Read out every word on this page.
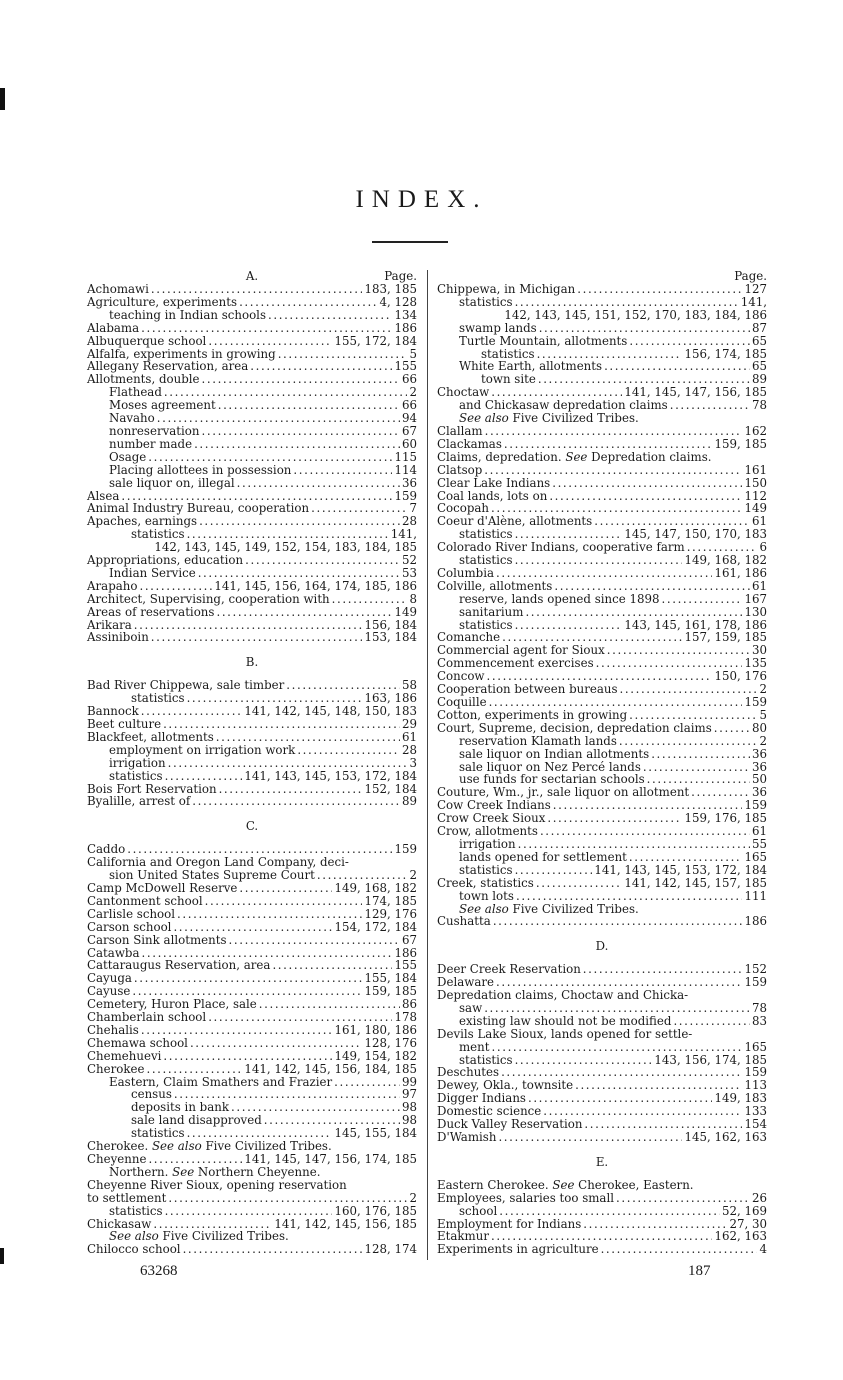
INDEX.
A.	Page.
Achomawi .....	183, 185
Agriculture, experiments .....	4, 128
teaching in Indian schools .....	134
Alabama .....	186
Albuquerque school .....	155, 172, 184
Alfalfa, experiments in growing .....	5
Allegany Reservation, area .....	155
Allotments, double .....	66
Flathead .....	2
Moses agreement .....	66
Navaho .....	94
nonreservation .....	67
number made .....	60
Osage .....	115
Placing allottees in possession .....	114
sale liquor on, illegal .....	36
Alsea .....	159
Animal Industry Bureau, cooperation .....	7
Apaches, earnings .....	28
statistics .....	141,
142, 143, 145, 149, 152, 154, 183, 184, 185
Appropriations, education .....	52
Indian Service .....	53
Arapaho .....	141, 145, 156, 164, 174, 185, 186
Architect, Supervising, cooperation with .....	8
Areas of reservations .....	149
Arikara .....	156, 184
Assiniboin .....	153, 184
B.
Bad River Chippewa, sale timber .....	58
statistics .....	163, 186
Bannock .....	141, 142, 145, 148, 150, 183
Beet culture .....	29
Blackfeet, allotments .....	61
employment on irrigation work .....	28
irrigation .....	3
statistics .....	141, 143, 145, 153, 172, 184
Bois Fort Reservation .....	152, 184
Byalille, arrest of .....	89
C.
Caddo .....	159
California and Oregon Land Company, deci-
sion United States Supreme Court .....	2
Camp McDowell Reserve .....	149, 168, 182
Cantonment school .....	174, 185
Carlisle school .....	129, 176
Carson school .....	154, 172, 184
Carson Sink allotments .....	67
Catawba .....	186
Cattaraugus Reservation, area .....	155
Cayuga .....	155, 184
Cayuse .....	159, 185
Cemetery, Huron Place, sale .....	86
Chamberlain school .....	178
Chehalis .....	161, 180, 186
Chemawa school .....	128, 176
Chemehuevi .....	149, 154, 182
Cherokee .....	141, 142, 145, 156, 184, 185
Eastern, Claim Smathers and Frazier .....	99
census .....	97
deposits in bank .....	98
sale land disapproved .....	98
statistics .....	145, 155, 184
Cherokee. See also Five Civilized Tribes.
Cheyenne .....	141, 145, 147, 156, 174, 185
Northern. See Northern Cheyenne.
Cheyenne River Sioux, opening reservation
to settlement .....	2
statistics .....	160, 176, 185
Chickasaw .....	141, 142, 145, 156, 185
See also Five Civilized Tribes.
Chilocco school .....	128, 174
Page.
Chippewa, in Michigan .....	127
statistics .....	141,
142, 143, 145, 151, 152, 170, 183, 184, 186
swamp lands .....	87
Turtle Mountain, allotments .....	65
statistics .....	156, 174, 185
White Earth, allotments .....	65
town site .....	89
Choctaw .....	141, 145, 147, 156, 185
and Chickasaw depredation claims .....	78
See also Five Civilized Tribes.
Clallam .....	162
Clackamas .....	159, 185
Claims, depredation. See Depredation claims.
Clatsop .....	161
Clear Lake Indians .....	150
Coal lands, lots on .....	112
Cocopah .....	149
Coeur d'Alène, allotments .....	61
statistics .....	145, 147, 150, 170, 183
Colorado River Indians, cooperative farm .....	6
statistics .....	149, 168, 182
Columbia .....	161, 186
Colville, allotments .....	61
reserve, lands opened since 1898 .....	167
sanitarium .....	130
statistics .....	143, 145, 161, 178, 186
Comanche .....	157, 159, 185
Commercial agent for Sioux .....	30
Commencement exercises .....	135
Concow .....	150, 176
Cooperation between bureaus .....	2
Coquille .....	159
Cotton, experiments in growing .....	5
Court, Supreme, decision, depredation claims .....	80
reservation Klamath lands .....	2
sale liquor on Indian allotments .....	36
sale liquor on Nez Percé lands .....	36
use funds for sectarian schools .....	50
Couture, Wm., jr., sale liquor on allotment .....	36
Cow Creek Indians .....	159
Crow Creek Sioux .....	159, 176, 185
Crow, allotments .....	61
irrigation .....	55
lands opened for settlement .....	165
statistics .....	141, 143, 145, 153, 172, 184
Creek, statistics .....	141, 142, 145, 157, 185
town lots .....	111
See also Five Civilized Tribes.
Cushatta .....	186
D.
Deer Creek Reservation .....	152
Delaware .....	159
Depredation claims, Choctaw and Chicka-
saw .....	78
existing law should not be modified .....	83
Devils Lake Sioux, lands opened for settle-
ment .....	165
statistics .....	143, 156, 174, 185
Deschutes .....	159
Dewey, Okla., townsite .....	113
Digger Indians .....	149, 183
Domestic science .....	133
Duck Valley Reservation .....	154
D'Wamish .....	145, 162, 163
E.
Eastern Cherokee. See Cherokee, Eastern.
Employees, salaries too small .....	26
school .....	52, 169
Employment for Indians .....	27, 30
Etakmur .....	162, 163
Experiments in agriculture .....	4
63268	187
